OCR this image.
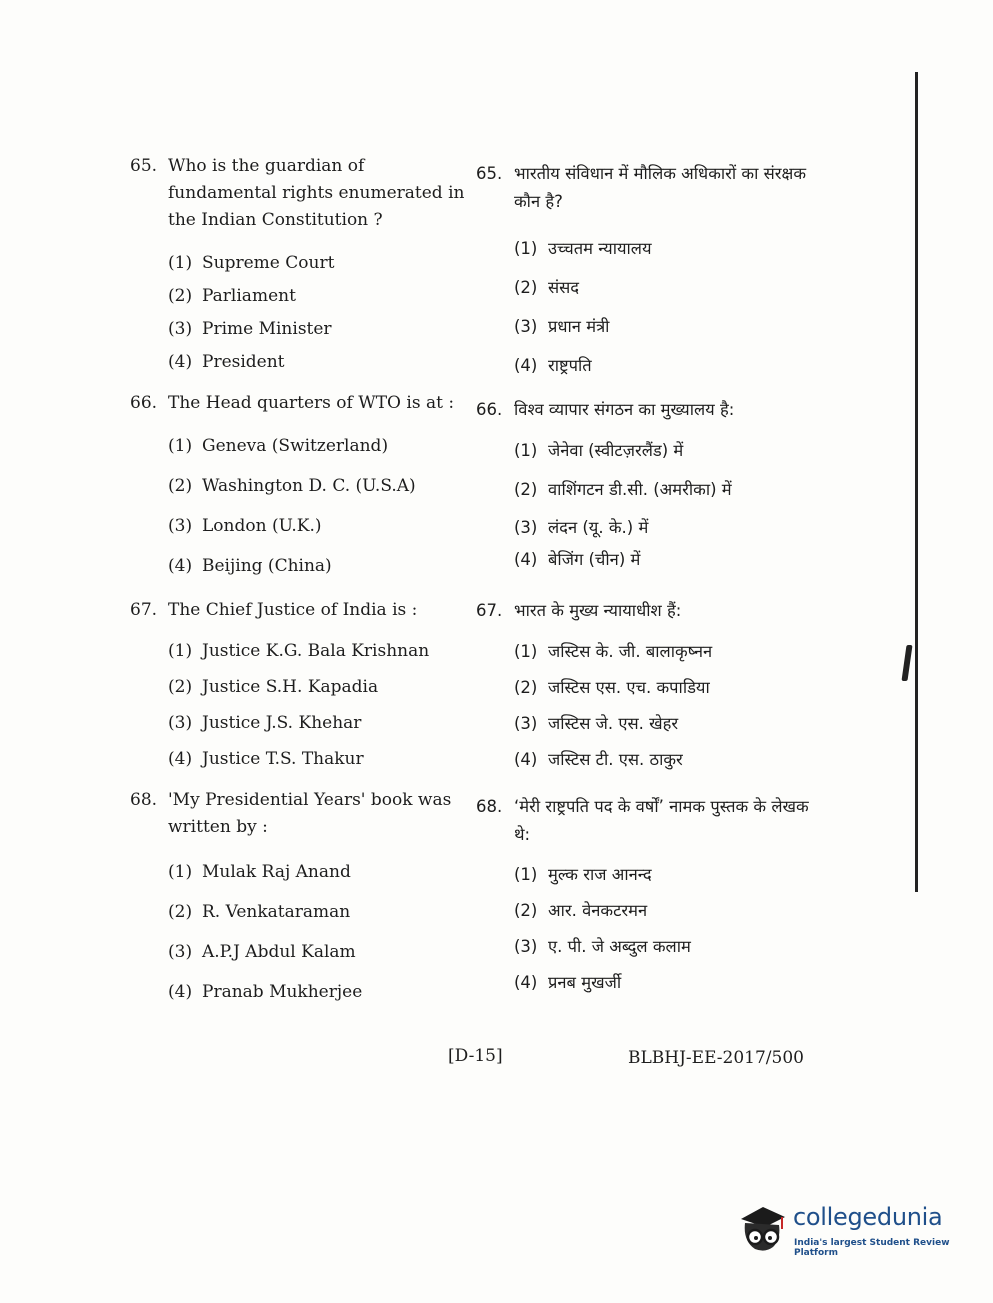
65. Who is the guardian of fundamental rights enumerated in the Indian Constitution ?
(1) Supreme Court
(2) Parliament
(3) Prime Minister
(4) President
66. The Head quarters of WTO is at :
(1) Geneva (Switzerland)
(2) Washington D. C. (U.S.A)
(3) London (U.K.)
(4) Beijing (China)
67. The Chief Justice of India is :
(1) Justice K.G. Bala Krishnan
(2) Justice S.H. Kapadia
(3) Justice J.S. Khehar
(4) Justice T.S. Thakur
68. 'My Presidential Years' book was written by :
(1) Mulak Raj Anand
(2) R. Venkataraman
(3) A.P.J Abdul Kalam
(4) Pranab Mukherjee
65. भारतीय संविधान में मौलिक अधिकारों का संरक्षक कौन है?
(1) उच्चतम न्यायालय
(2) संसद
(3) प्रधान मंत्री
(4) राष्ट्रपति
66. विश्व व्यापार संगठन का मुख्यालय है:
(1) जेनेवा (स्वीटज़रलैंड) में
(2) वाशिंगटन डी.सी. (अमरीका) में
(3) लंदन (यू. के.) में
(4) बेजिंग (चीन) में
67. भारत के मुख्य न्यायाधीश हैं:
(1) जस्टिस के. जी. बालाकृष्नन
(2) जस्टिस एस. एच. कपाडिया
(3) जस्टिस जे. एस. खेहर
(4) जस्टिस टी. एस. ठाकुर
68. ‘मेरी राष्ट्रपति पद के वर्षों’ नामक पुस्तक के लेखक थे:
(1) मुल्क राज आनन्द
(2) आर. वेनकटरमन
(3) ए. पी. जे अब्दुल कलाम
(4) प्रनब मुखर्जी
[D-15]	BLBHJ-EE-2017/500
collegedunia
India's largest Student Review Platform
